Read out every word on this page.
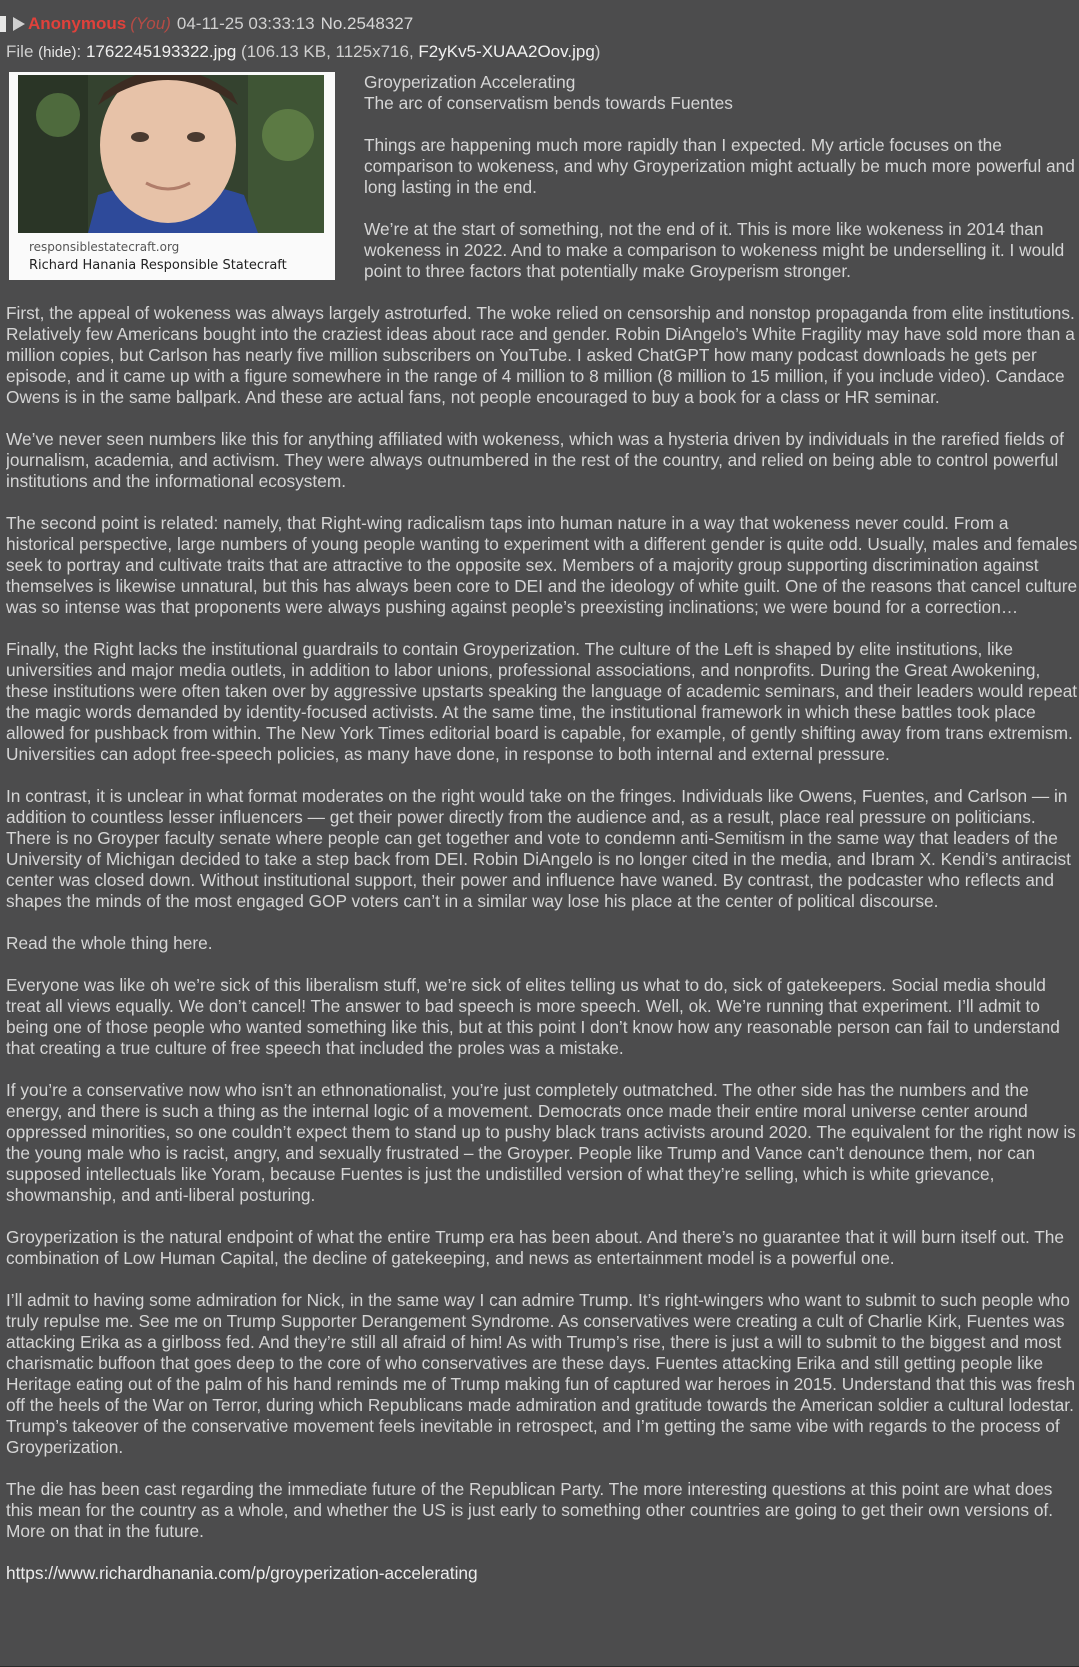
Anonymous (You) 04-11-25 03:33:13 No.2548327
File (hide): 1762245193322.jpg (106.13 KB, 1125x716, F2yKv5-XUAA2Oov.jpg)
responsiblestatecraft.org
Richard Hanania Responsible Statecraft

Groyperization Accelerating
The arc of conservatism bends towards Fuentes

Things are happening much more rapidly than I expected. My article focuses on the comparison to wokeness, and why Groyperization might actually be much more powerful and long lasting in the end.

We’re at the start of something, not the end of it. This is more like wokeness in 2014 than wokeness in 2022. And to make a comparison to wokeness might be underselling it. I would point to three factors that potentially make Groyperism stronger.

First, the appeal of wokeness was always largely astroturfed. The woke relied on censorship and nonstop propaganda from elite institutions. Relatively few Americans bought into the craziest ideas about race and gender. Robin DiAngelo’s White Fragility may have sold more than a million copies, but Carlson has nearly five million subscribers on YouTube. I asked ChatGPT how many podcast downloads he gets per episode, and it came up with a figure somewhere in the range of 4 million to 8 million (8 million to 15 million, if you include video). Candace Owens is in the same ballpark. And these are actual fans, not people encouraged to buy a book for a class or HR seminar.

We’ve never seen numbers like this for anything affiliated with wokeness, which was a hysteria driven by individuals in the rarefied fields of journalism, academia, and activism. They were always outnumbered in the rest of the country, and relied on being able to control powerful institutions and the informational ecosystem.

The second point is related: namely, that Right-wing radicalism taps into human nature in a way that wokeness never could. From a historical perspective, large numbers of young people wanting to experiment with a different gender is quite odd. Usually, males and females seek to portray and cultivate traits that are attractive to the opposite sex. Members of a majority group supporting discrimination against themselves is likewise unnatural, but this has always been core to DEI and the ideology of white guilt. One of the reasons that cancel culture was so intense was that proponents were always pushing against people’s preexisting inclinations; we were bound for a correction…

Finally, the Right lacks the institutional guardrails to contain Groyperization. The culture of the Left is shaped by elite institutions, like universities and major media outlets, in addition to labor unions, professional associations, and nonprofits. During the Great Awokening, these institutions were often taken over by aggressive upstarts speaking the language of academic seminars, and their leaders would repeat the magic words demanded by identity-focused activists. At the same time, the institutional framework in which these battles took place allowed for pushback from within. The New York Times editorial board is capable, for example, of gently shifting away from trans extremism. Universities can adopt free-speech policies, as many have done, in response to both internal and external pressure.

In contrast, it is unclear in what format moderates on the right would take on the fringes. Individuals like Owens, Fuentes, and Carlson — in addition to countless lesser influencers — get their power directly from the audience and, as a result, place real pressure on politicians. There is no Groyper faculty senate where people can get together and vote to condemn anti-Semitism in the same way that leaders of the University of Michigan decided to take a step back from DEI. Robin DiAngelo is no longer cited in the media, and Ibram X. Kendi’s antiracist center was closed down. Without institutional support, their power and influence have waned. By contrast, the podcaster who reflects and shapes the minds of the most engaged GOP voters can’t in a similar way lose his place at the center of political discourse.

Read the whole thing here.

Everyone was like oh we’re sick of this liberalism stuff, we’re sick of elites telling us what to do, sick of gatekeepers. Social media should treat all views equally. We don’t cancel! The answer to bad speech is more speech. Well, ok. We’re running that experiment. I’ll admit to being one of those people who wanted something like this, but at this point I don’t know how any reasonable person can fail to understand that creating a true culture of free speech that included the proles was a mistake.

If you’re a conservative now who isn’t an ethnonationalist, you’re just completely outmatched. The other side has the numbers and the energy, and there is such a thing as the internal logic of a movement. Democrats once made their entire moral universe center around oppressed minorities, so one couldn’t expect them to stand up to pushy black trans activists around 2020. The equivalent for the right now is the young male who is racist, angry, and sexually frustrated – the Groyper. People like Trump and Vance can’t denounce them, nor can supposed intellectuals like Yoram, because Fuentes is just the undistilled version of what they’re selling, which is white grievance, showmanship, and anti-liberal posturing.

Groyperization is the natural endpoint of what the entire Trump era has been about. And there’s no guarantee that it will burn itself out. The combination of Low Human Capital, the decline of gatekeeping, and news as entertainment model is a powerful one.

I’ll admit to having some admiration for Nick, in the same way I can admire Trump. It’s right-wingers who want to submit to such people who truly repulse me. See me on Trump Supporter Derangement Syndrome. As conservatives were creating a cult of Charlie Kirk, Fuentes was attacking Erika as a girlboss fed. And they’re still all afraid of him! As with Trump’s rise, there is just a will to submit to the biggest and most charismatic buffoon that goes deep to the core of who conservatives are these days. Fuentes attacking Erika and still getting people like Heritage eating out of the palm of his hand reminds me of Trump making fun of captured war heroes in 2015. Understand that this was fresh off the heels of the War on Terror, during which Republicans made admiration and gratitude towards the American soldier a cultural lodestar. Trump’s takeover of the conservative movement feels inevitable in retrospect, and I’m getting the same vibe with regards to the process of Groyperization.

The die has been cast regarding the immediate future of the Republican Party. The more interesting questions at this point are what does this mean for the country as a whole, and whether the US is just early to something other countries are going to get their own versions of. More on that in the future.

https://www.richardhanania.com/p/groyperization-accelerating
